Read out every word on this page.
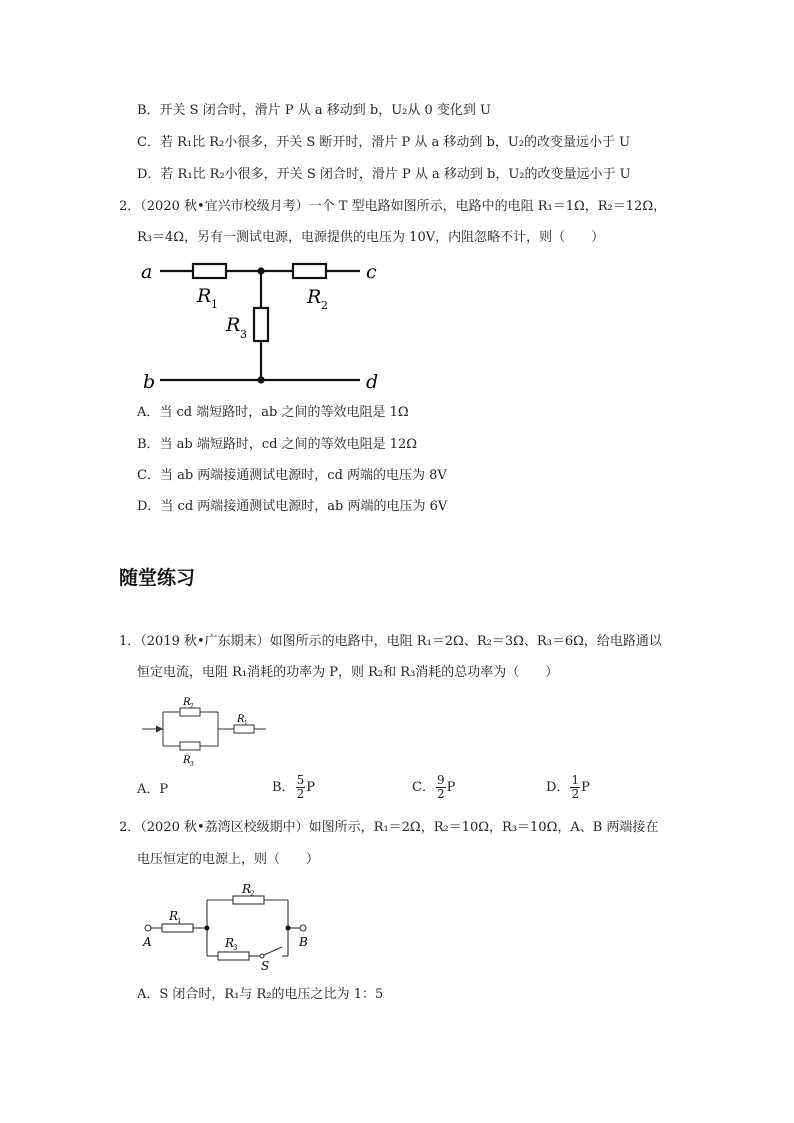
B．开关 S 闭合时，滑片 P 从 a 移动到 b，U₂从 0 变化到 U
C．若 R₁比 R₂小很多，开关 S 断开时，滑片 P 从 a 移动到 b，U₂的改变量远小于 U
D．若 R₁比 R₂小很多，开关 S 闭合时，滑片 P 从 a 移动到 b，U₂的改变量远小于 U
2．（2020 秋•宜兴市校级月考）一个 T 型电路如图所示，电路中的电阻 R₁＝1Ω，R₂＝12Ω，
R₃＝4Ω，另有一测试电源，电源提供的电压为 10V，内阻忽略不计，则（　　）
a
b
c
d
R 1	R 2
R 3
A．当 cd 端短路时，ab 之间的等效电阻是 1Ω
B．当 ab 端短路时，cd 之间的等效电阻是 12Ω
C．当 ab 两端接通测试电源时，cd 两端的电压为 8V
D．当 cd 两端接通测试电源时，ab 两端的电压为 6V
随堂练习
1．（2019 秋•广东期末）如图所示的电路中，电阻 R₁＝2Ω、R₂＝3Ω、R₃＝6Ω，给电路通以
恒定电流，电阻 R₁消耗的功率为 P，则 R₂和 R₃消耗的总功率为（　　）
R 2
R 3
R 1
A．P	B． $\frac{5}{2}$ P	C． $\frac{9}{2}$ P	D． $\frac{1}{2}$ P
2．（2020 秋•荔湾区校级期中）如图所示，R₁＝2Ω，R₂＝10Ω，R₃＝10Ω，A、B 两端接在
电压恒定的电源上，则（　　）
A	B
S
R
1
R
2
R
3
A．S 闭合时，R₁与 R₂的电压之比为 1：5
